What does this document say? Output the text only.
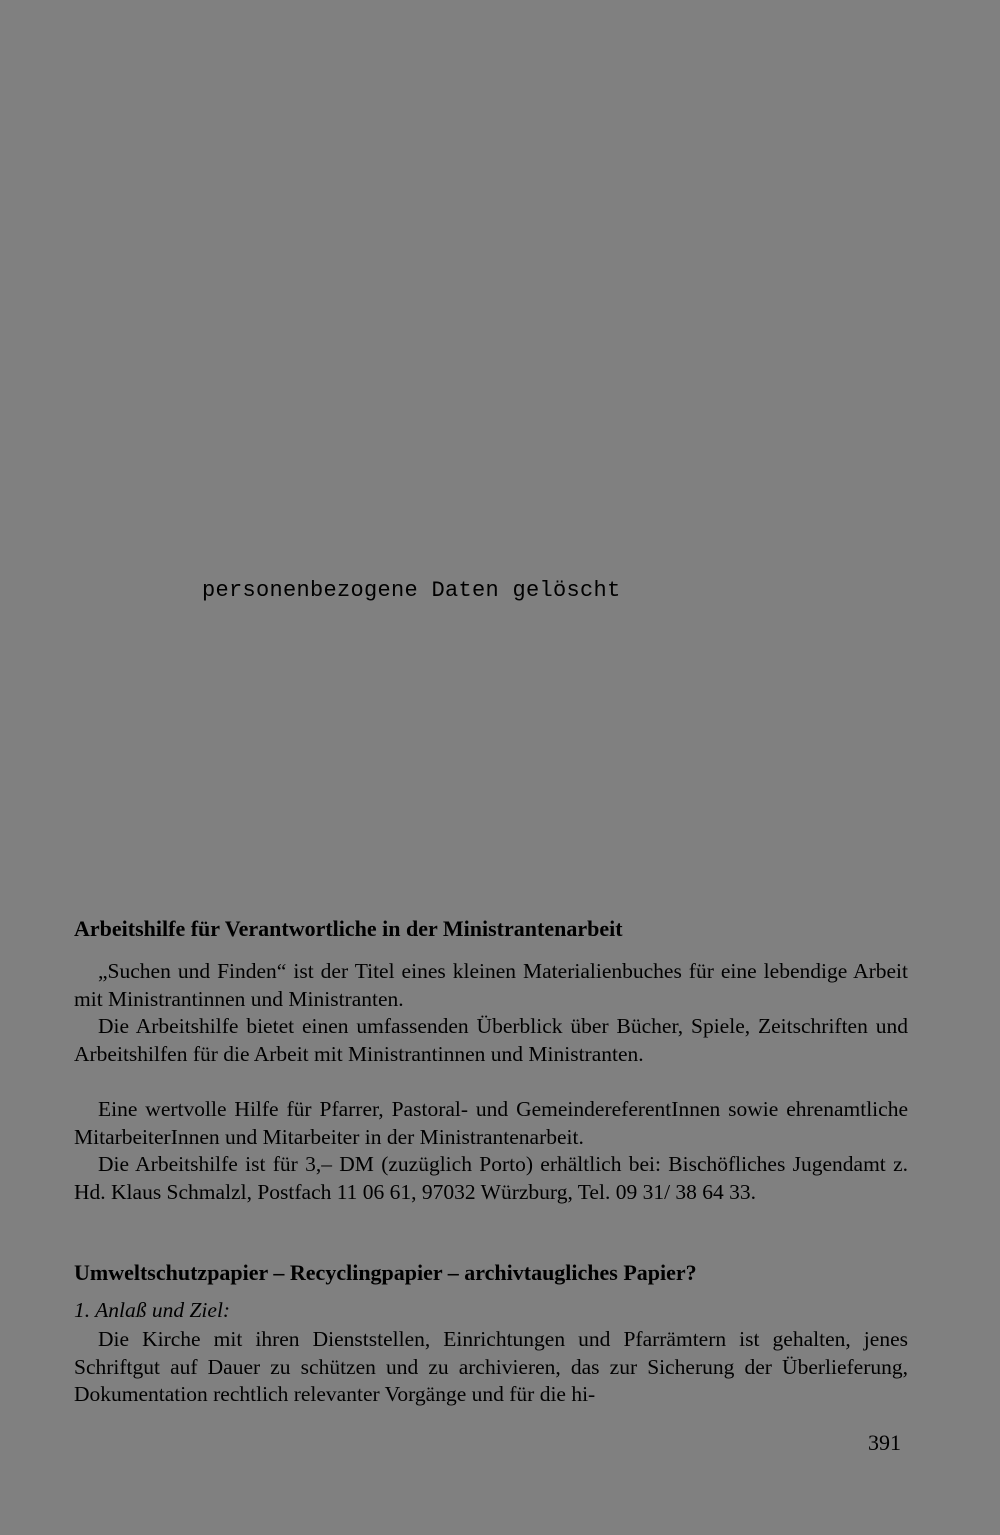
personenbezogene Daten gelöscht
Arbeitshilfe für Verantwortliche in der Ministrantenarbeit

„Suchen und Finden“ ist der Titel eines kleinen Materialienbuches für eine lebendige Arbeit mit Ministrantinnen und Ministranten.

Die Arbeitshilfe bietet einen umfassenden Überblick über Bücher, Spiele, Zeitschriften und Arbeitshilfen für die Arbeit mit Ministrantinnen und Ministranten.

Eine wertvolle Hilfe für Pfarrer, Pastoral- und GemeindereferentInnen sowie ehrenamtliche MitarbeiterInnen und Mitarbeiter in der Ministrantenarbeit.

Die Arbeitshilfe ist für 3,– DM (zuzüglich Porto) erhältlich bei: Bischöfliches Jugendamt z. Hd. Klaus Schmalzl, Postfach 11 06 61, 97032 Würzburg, Tel. 09 31/ 38 64 33.

Umweltschutzpapier – Recyclingpapier – archivtaugliches Papier?
1. Anlaß und Ziel:

Die Kirche mit ihren Dienststellen, Einrichtungen und Pfarrämtern ist gehalten, jenes Schriftgut auf Dauer zu schützen und zu archivieren, das zur Sicherung der Überlieferung, Dokumentation rechtlich relevanter Vorgänge und für die hi-

391
